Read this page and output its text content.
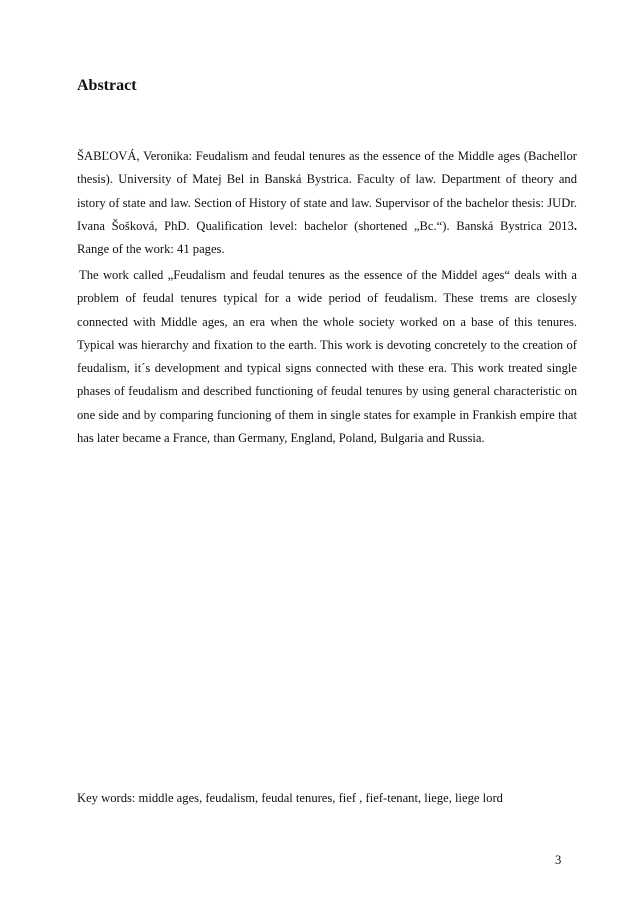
Abstract

ŠABĽOVÁ, Veronika: Feudalism and feudal tenures as the essence of the Middle ages (Bachellor thesis). University of Matej Bel in Banská Bystrica. Faculty of law. Department of theory and istory of state and law. Section of History of state and law. Supervisor of the bachelor thesis: JUDr. Ivana Šošková, PhD. Qualification level: bachelor (shortened „Bc.“). Banská Bystrica 2013. Range of the work: 41 pages.

The work called „Feudalism and feudal tenures as the essence of the Middel ages“ deals with a problem of feudal tenures typical for a wide period of feudalism. These trems are closesly connected with Middle ages, an era when the whole society worked on a base of this tenures. Typical was hierarchy and fixation to the earth. This work is devoting concretely to the creation of feudalism, it´s development and typical signs connected with these era. This work treated single phases of feudalism and described functioning of feudal tenures by using general characteristic on one side and by comparing funcioning of them in single states for example in Frankish empire that has later became a France, than Germany, England, Poland, Bulgaria and Russia.

Key words: middle ages, feudalism, feudal tenures, fief , fief-tenant, liege, liege lord

3
